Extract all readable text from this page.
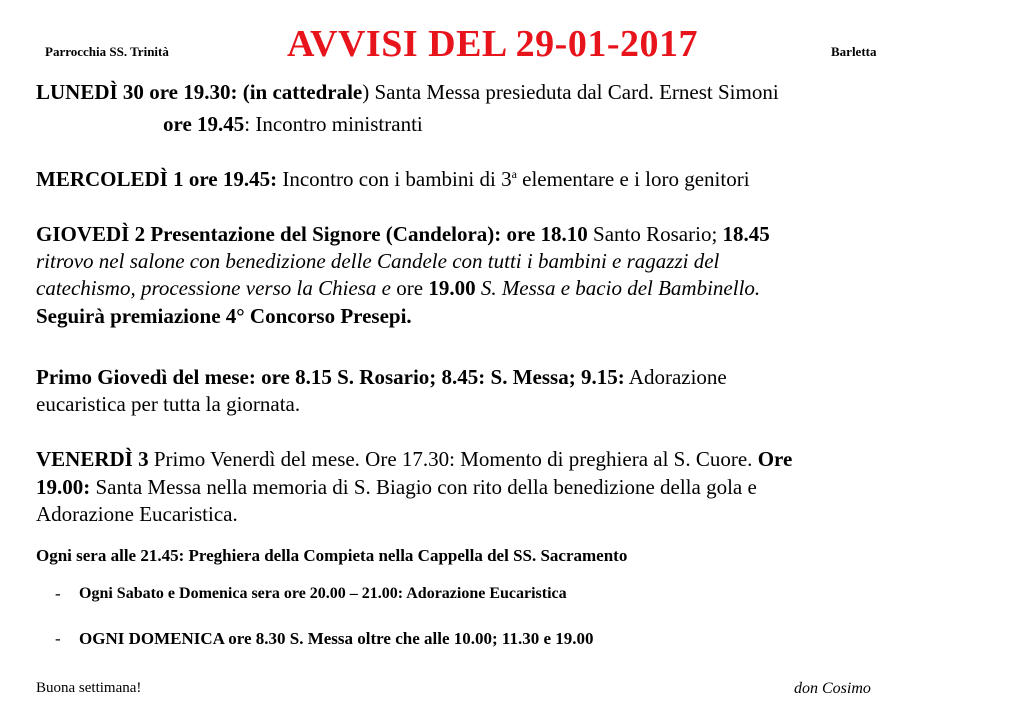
Parrocchia SS. Trinità	AVVISI DEL 29-01-2017	Barletta
LUNEDÌ 30 ore 19.30: (in cattedrale) Santa Messa presieduta dal Card. Ernest Simoni
ore 19.45: Incontro ministranti
MERCOLEDÌ 1 ore 19.45: Incontro con i bambini di 3$^a$ elementare e i loro genitori
GIOVEDÌ 2 Presentazione del Signore (Candelora): ore 18.10 Santo Rosario; 18.45
ritrovo nel salone con benedizione delle Candele con tutti i bambini e ragazzi del
catechismo, processione verso la Chiesa e ore 19.00 S. Messa e bacio del Bambinello.
Seguirà premiazione 4° Concorso Presepi.
Primo Giovedì del mese: ore 8.15 S. Rosario; 8.45: S. Messa; 9.15: Adorazione
eucaristica per tutta la giornata.
VENERDÌ 3 Primo Venerdì del mese. Ore 17.30: Momento di preghiera al S. Cuore. Ore
19.00: Santa Messa nella memoria di S. Biagio con rito della benedizione della gola e
Adorazione Eucaristica.
Ogni sera alle 21.45: Preghiera della Compieta nella Cappella del SS. Sacramento
- Ogni Sabato e Domenica sera ore 20.00 – 21.00: Adorazione Eucaristica
- OGNI DOMENICA ore 8.30 S. Messa oltre che alle 10.00; 11.30 e 19.00
Buona settimana!	don Cosimo
